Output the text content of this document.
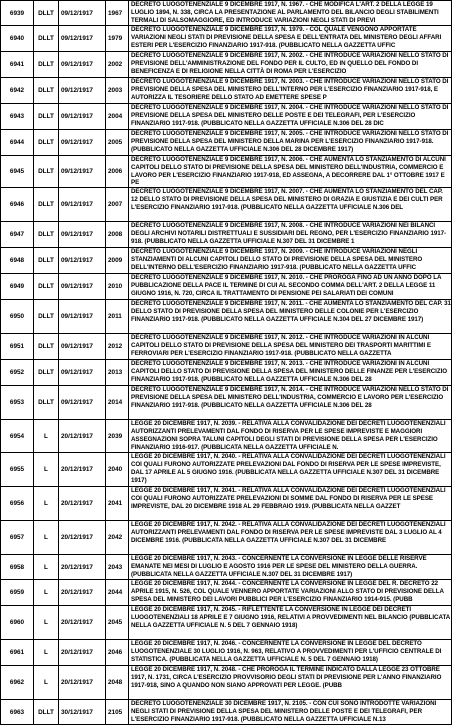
6939	DLLT	09/12/1917	1967	DECRETO LUOGOTENENZIALE 9 DICEMBRE 1917, N. 1967. - CHE MODIFICA L'ART. 2 DELLA LEGGE 19 LUGLIO 1894, N. 338, CIRCA LA PRESENTAZIONE AL PARLAMENTO DEL BILANCIO DEGLI STABILIMENTI TERMALI DI SALSOMAGGIORE, ED INTRODUCE VARIAZIONI NEGLI STATI DI PREVI
6940	DLLT	09/12/1917	1979	DECRETO LUOGOTENENZIALE 9 DICEMBRE 1917, N. 1979. - COL QUALE VENGONO APPORTATE VARIAZIONI NEGLI STATI DI PREVISIONE DELLA SPESA E DELL'ENTRATA DEL MINISTERO DEGLI AFFARI ESTERI PER L'ESERCIZIO FINANZIARIO 1917-918. (PUBBLICATO NELLA GAZZETTA UFFIC
6941	DLLT	09/12/1917	2002	DECRETO LUOGOTENENZIALE 9 DICEMBRE 1917, N. 2002. - CHE INTRODUCE VARIAZIONI NELLO STATO DI PREVISIONE DELL'AMMINISTRAZIONE DEL FONDO PER IL CULTO, ED IN QUELLO DEL FONDO DI BENEFICENZA E DI RELIGIONE NELLA CITTÀ DI ROMA PER L'ESERCIZIO
6942	DLLT	09/12/1917	2003	DECRETO LUOGOTENENZIALE 9 DICEMBRE 1917, N. 2003. - CHE INTRODUCE VARIAZIONI NELLO STATO DI PREVISIONE DELLA SPESA DEL MINISTERO DELL'INTERNO PER L'ESERCIZIO FINANZIARIO 1917-918, E AUTORIZZA IL TESORIERE DELLO STATO AD EMETTERE SPESE P
6943	DLLT	09/12/1917	2004	DECRETO LUOGOTENENZIALE 9 DICEMBRE 1917, N. 2004. - CHE INTRODUCE VARIAZIONI NELLO STATO DI PREVISIONE DELLA SPESA DEL MINISTERO DELLE POSTE E DEI TELEGRAFI, PER L'ESERCIZIO FINANZIARIO 1917-918. (PUBBLICATO NELLA GAZZETTA UFFICIALE N.306 DEL 28 DIC
6944	DLLT	09/12/1917	2005	DECRETO LUOGOTENENZIALE 9 DICEMBRE 1917, N. 2005. - CHE INTRODUCE VARIAZIONI NELLO STATO DI PREVISIONE DELLA SPESA DEL MINISTERO DELLA MARINA PER L'ESERCIZIO FINANZIARIO 1917-918. (PUBBLICATO NELLA GAZZETTA UFFICIALE N.306 DEL 28 DICEMBRE 1917)
6945	DLLT	09/12/1917	2006	DECRETO LUOGOTENENZIALE 9 DICEMBRE 1917, N. 2006. - CHE AUMENTA LO STANZIAMENTO DI ALCUNI CAPITOLI DELLO STATO DI PREVISIONE DELLA SPESA DEL MINISTERO DELL'INDUSTRIA, COMMERCIO E LAVORO PER L'ESERCIZIO FINANZIARIO 1917-918, ED ASSEGNA, A DECORRERE DAL 1° OTTOBRE 1917 E PE
6946	DLLT	09/12/1917	2007	DECRETO LUOGOTENENZIALE 9 DICEMBRE 1917, N. 2007. - CHE AUMENTA LO STANZIAMENTO DEL CAP. 12 DELLO STATO DI PREVISIONE DELLA SPESA DEL MINISTERO DI GRAZIA E GIUSTIZIA E DEI CULTI PER L'ESERCIZIO FINANZIARIO 1917-918. (PUBBLICATO NELLA GAZZETTA UFFICIALE N.306 DEL
6947	DLLT	09/12/1917	2008	DECRETO LUOGOTENENZIALE 9 DICEMBRE 1917, N. 2008. - CHE INTRODUCE VARIAZIONI NEI BILANCI DEGLI ARCHIVI NOTARILI DISTRETTUALI E SUSSIDIARI DEL REGNO, PER L'ESERCIZIO FINANZIARIO 1917-918. (PUBBLICATO NELLA GAZZETTA UFFICIALE N.307 DEL 31 DICEMBRE 1
6948	DLLT	09/12/1917	2009	DECRETO LUOGOTENENZIALE 9 DICEMBRE 1917, N. 2009. - CHE INTRODUCE VARIAZIONI NEGLI STANZIAMENTI DI ALCUNI CAPITOLI DELLO STATO DI PREVISIONE DELLA SPESA DEL MINISTERO DELL'INTERNO DELL'ESERCIZIO FINANZIARIO 1917-918. (PUBBLICATO NELLA GAZZETTA UFFIC
6949	DLLT	09/12/1917	2010	DECRETO LUOGOTENENZIALE 9 DICEMBRE 1917, N. 2010. - CHE PROROGA FINO AD UN ANNO DOPO LA PUBBLICAZIONE DELLA PACE IL TERMINE DI CUI AL SECONDO COMMA DELL'ART. 2 DELLA LEGGE 11 GIUGNO 1916, N. 720, CIRCA IL TRATTAMENTO DI PENSIONE PEI SALARIATI DEI COMUNI
6950	DLLT	09/12/1917	2011	DECRETO LUOGOTENENZIALE 9 DICEMBRE 1917, N. 2011. - CHE AUMENTA LO STANZIAMENTO DEL CAP. 31 DELLO STATO DI PREVISIONE DELLA SPESA DEL MINISTERO DELLE COLONIE PER L'ESERCIZIO FINANZIARIO 1917-918. (PUBBLICATO NELLA GAZZETTA UFFICIALE N.304 DEL 27 DICEMBRE 1917)
6951	DLLT	09/12/1917	2012	DECRETO LUOGOTENENZIALE 9 DICEMBRE 1917, N. 2012. - CHE INTRODUCE VARIAZIONI IN ALCUNI CAPITOLI DELLO STATO DI PREVISIONE DELLA SPESA DEL MINISTERO DEI TRASPORTI MARITTIMI E FERROVIARI PER L'ESERCIZIO FINANZIARIO 1917-918. (PUBBLICATO NELLA GAZZETTA
6952	DLLT	09/12/1917	2013	DECRETO LUOGOTENENZIALE 9 DICEMBRE 1917, N. 2013. - CHE INTRODUCE VARIAZIONI IN ALCUNI CAPITOLI DELLO STATO DI PREVISIONE DELLA SPESA DEL MINISTERO DELLE FINANZE PER L'ESERCIZIO FINANZIARIO 1917-918. (PUBBLICATO NELLA GAZZETTA UFFICIALE N.306 DEL 28
6953	DLLT	09/12/1917	2014	DECRETO LUOGOTENENZIALE 9 DICEMBRE 1917, N. 2014. - CHE INTRODUCE VARIAZIONI NELLO STATO DI PREVISIONE DELLA SPESA DEL MINISTERO DELL'INDUSTRIA, COMMERCIO E LAVORO PER L'ESERCIZIO FINANZIARIO 1917-918. (PUBBLICATO NELLA GAZZETTA UFFICIALE N.306 DEL 28
6954	L	20/12/1917	2039	LEGGE 20 DICEMBRE 1917, N. 2039. - RELATIVA ALLA CONVALIDAZIONE DEI DECRETI LUOGOTENENZIALI AUTORIZZANTI PRELEVAMENTI DAL FONDO DI RISERVA PER LE SPESE IMPREVISTE E MAGGIORI ASSEGNAZIONI SOPRA TALUNI CAPITOLI DEGLI STATI DI PREVISIONE DELLA SPESA PER L'ESERCIZIO FINANZIARIO 1916-917. (PUBBLICATA NELLA GAZZETTA UFFICIALE N.
6955	L	20/12/1917	2040	LEGGE 20 DICEMBRE 1917, N. 2040. - RELATIVA ALLA CONVALIDAZIONE DEI DECRETI LUOGOTENENZIALI COI QUALI FURONO AUTORIZZATE PRELEVAZIONI DAL FONDO DI RISERVA PER LE SPESE IMPREVISTE, DAL 17 APRILE AL 5 GIUGNO 1916. (PUBBLICATA NELLA GAZZETTA UFFICIALE N.307 DEL 31 DICEMBRE 1917)
6956	L	20/12/1917	2041	LEGGE 20 DICEMBRE 1917, N. 2041. - RELATIVA ALLA CONVALIDAZIONE DEI DECRETI LUOGOTENENZIALI COI QUALI FURONO AUTORIZZATE PRELEVAZIONI DI SOMME DAL FONDO DI RISERVA PER LE SPESE IMPREVISTE, DAL 20 DICEMBRE 1918 AL 29 FEBBRAIO 1919. (PUBBLICATA NELLA GAZZET
6957	L	20/12/1917	2042	LEGGE 20 DICEMBRE 1917, N. 2042. - RELATIVA ALLA CONVALIDAZIONE DEI DECRETI LUOGOTENENZIALI AUTORIZZANTI PRELEVAMENTI DAL FONDO DI RISERVA PER LE SPESE IMPREVISTE DAL 3 LUGLIO AL 4 DICEMBRE 1916. (PUBBLICATA NELLA GAZZETTA UFFICIALE N.307 DEL 31 DICEMBRE
6958	L	20/12/1917	2043	LEGGE 20 DICEMBRE 1917, N. 2043. - CONCERNENTE LA CONVERSIONE IN LEGGE DELLE RISERVE EMANATE NEI MESI DI LUGLIO E AGOSTO 1916 PER LE SPESE DEL MINISTERO DELLA GUERRA. (PUBBLICATA NELLA GAZZETTA UFFICIALE N.307 DEL 31 DICEMBRE 1917)
6959	L	20/12/1917	2044	LEGGE 20 DICEMBRE 1917, N. 2044. - CONCERNENTE LA CONVERSIONE IN LEGGE DEL R. DECRETO 22 APRILE 1915, N. 526, COL QUALE VENNERO APPORTATE VARIAZIONI ALLO STATO DI PREVISIONE DELLA SPESA DEL MINISTERO DEI LAVORI PUBBLICI PER L'ESERCIZIO FINANZIARIO 1914-915. (PUBB
6960	L	20/12/1917	2045	LEGGE 20 DICEMBRE 1917, N. 2045. - RIFLETTENTE LA CONVERSIONE IN LEGGE DEI DECRETI LUOGOTENENZIALI 18 APRILE E 7 GIUGNO 1916, RELATIVI A PROVVEDIMENTI NEL BILANCIO (PUBBLICATA NELLA GAZZETTA UFFICIALE N. 5 DEL 7 GENNAIO 1918)
6961	L	20/12/1917	2046	LEGGE 20 DICEMBRE 1917, N. 2046. - CONCERNENTE LA CONVERSIONE IN LEGGE DEL DECRETO LUOGOTENENZIALE 30 LUGLIO 1916, N. 963, RELATIVO A PROVVEDIMENTI PER L'UFFICIO CENTRALE DI STATISTICA. (PUBBLICATA NELLA GAZZETTA UFFICIALE N. 5 DEL 7 GENNAIO 1918)
6962	L	20/12/1917	2048	LEGGE 20 DICEMBRE 1917, N. 2048. - CHE PROROGA IL TERMINE INDICATO DALLA LEGGE 23 OTTOBRE 1917, N. 1731, CIRCA L'ESERCIZIO PROVVISORIO DEGLI STATI DI PREVISIONE PER L'ANNO FINANZIARIO 1917-918, SINO A QUANDO NON SIANO APPROVATI PER LEGGE. (PUBB
6963	DLLT	30/12/1917	2105	DECRETO LUOGOTENENZIALE 30 DICEMBRE 1917, N. 2105. - CON CUI SONO INTRODOTTE VARIAZIONI NEGLI STATI DI PREVISIONE DELLA SPESA DEL MINISTERO DELLE POSTE E DEI TELEGRAFI, PER L'ESERCIZIO FINANZIARIO 1917-918. (PUBBLICATO NELLA GAZZETTA UFFICIALE N.13
